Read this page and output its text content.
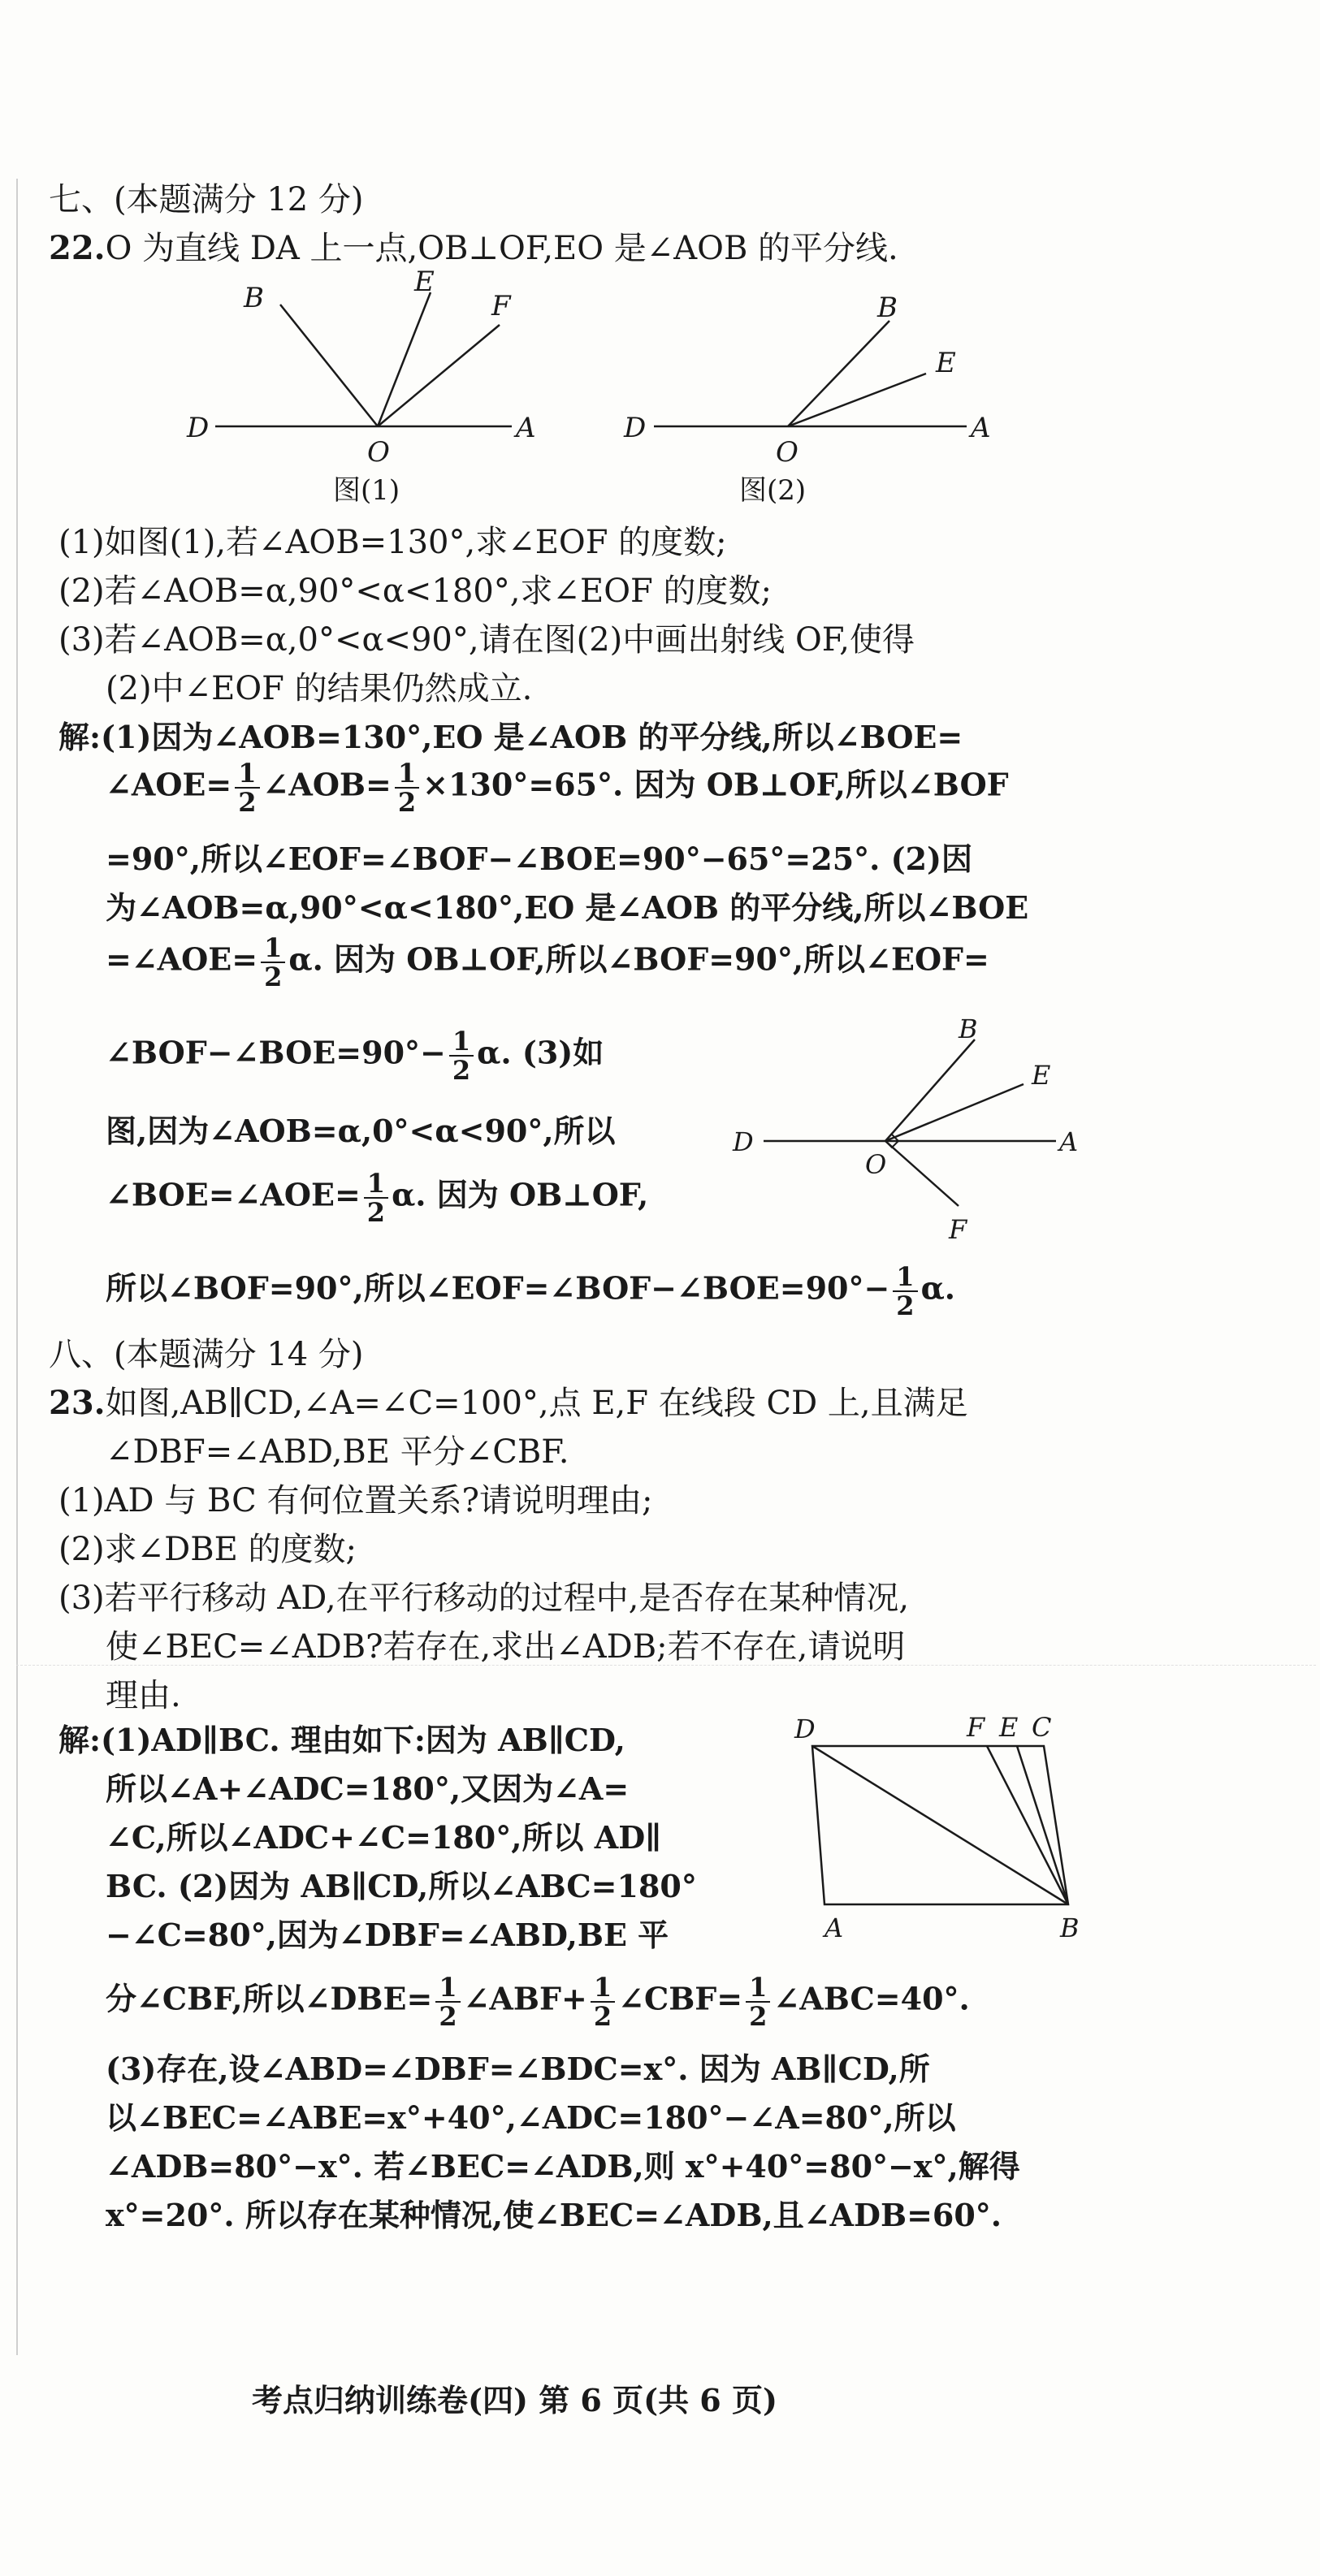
七、(本题满分 12 分)
22.O 为直线 DA 上一点,OB⊥OF,EO 是∠AOB 的平分线.
B	E
F
D
O
A
图(1)
B
E
D
O
A
图(2)
(1)如图(1),若∠AOB=130°,求∠EOF 的度数;
(2)若∠AOB=α,90°<α<180°,求∠EOF 的度数;
(3)若∠AOB=α,0°<α<90°,请在图(2)中画出射线 OF,使得
(2)中∠EOF 的结果仍然成立.
解:(1)因为∠AOB=130°,EO 是∠AOB 的平分线,所以∠BOE=
∠AOE= $\frac{1}{2}$ ∠AOB= $\frac{1}{2} \times 130^\circ=65^\circ$. 因为 OB⊥OF,所以∠BOF
=90°,所以∠EOF=∠BOF−∠BOE=90°−65°=25°. (2)因
为∠AOB=α,90°<α<180°,EO 是∠AOB 的平分线,所以∠BOE
=∠AOE= $\frac{1}{2} \alpha$. 因为 OB⊥OF,所以∠BOF=90°,所以∠EOF=
∠BOF−∠BOE=90°− $\frac{1}{2} \alpha$. (3)如
图,因为∠AOB=α,0°<α<90°,所以
∠BOE=∠AOE= $\frac{1}{2} \alpha$. 因为 OB⊥OF,
所以∠BOF=90°,所以∠EOF=∠BOF−∠BOE=90°− $\frac{1}{2} \alpha$.
B
E
D
O
A
F
八、(本题满分 14 分)
23.如图,AB∥CD,∠A=∠C=100°,点 E,F 在线段 CD 上,且满足
∠DBF=∠ABD,BE 平分∠CBF.
(1)AD 与 BC 有何位置关系?请说明理由;
(2)求∠DBE 的度数;
(3)若平行移动 AD,在平行移动的过程中,是否存在某种情况,
使∠BEC=∠ADB?若存在,求出∠ADB;若不存在,请说明
理由.
解:(1)AD∥BC. 理由如下:因为 AB∥CD,
所以∠A+∠ADC=180°,又因为∠A=
∠C,所以∠ADC+∠C=180°,所以 AD∥
BC. (2)因为 AB∥CD,所以∠ABC=180°
−∠C=80°,因为∠DBF=∠ABD,BE 平
分∠CBF,所以∠DBE= $\frac{1}{2}$ ∠ABF+ $\frac{1}{2}$ ∠CBF= $\frac{1}{2}$ ∠ABC=40°.
(3)存在,设∠ABD=∠DBF=∠BDC=x°. 因为 AB∥CD,所
以∠BEC=∠ABE=x°+40°,∠ADC=180°−∠A=80°,所以
∠ADB=80°−x°. 若∠BEC=∠ADB,则 x°+40°=80°−x°,解得
x°=20°. 所以存在某种情况,使∠BEC=∠ADB,且∠ADB=60°.
D	F E C
A	B
考点归纳训练卷(四) 第 6 页(共 6 页)
